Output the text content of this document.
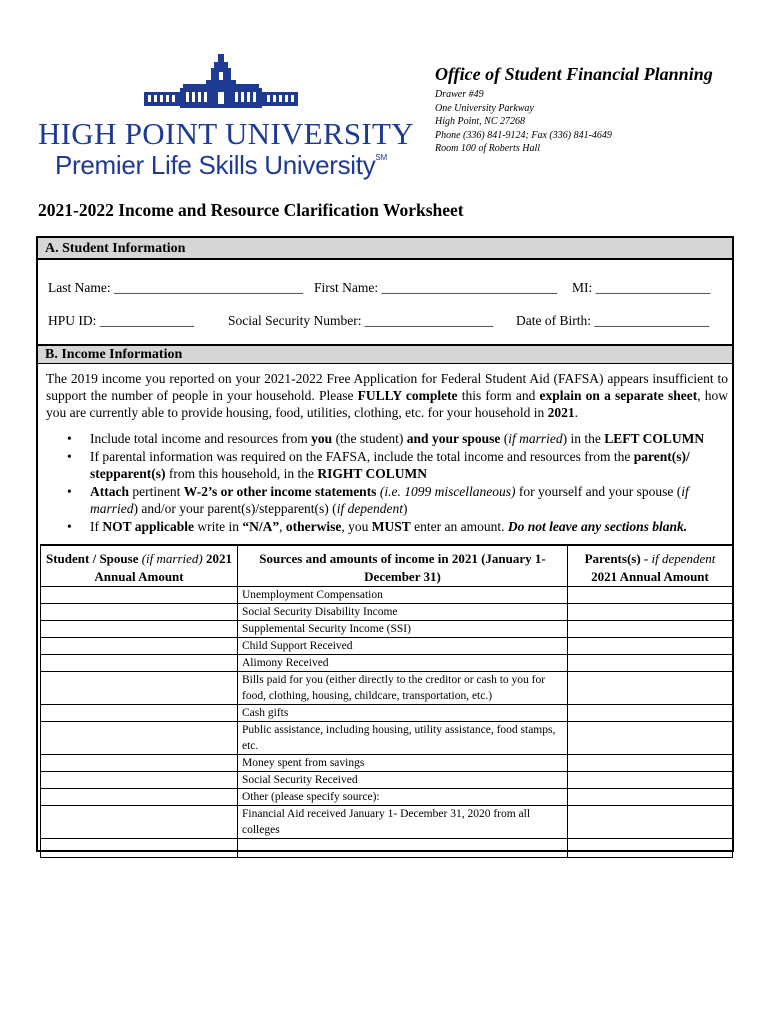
HIGH POINT UNIVERSITY
Premier Life Skills University℠
Office of Student Financial Planning
Drawer #49
One University Parkway
High Point, NC 27268
Phone (336) 841-9124; Fax (336) 841-4649
Room 100 of Roberts Hall
2021-2022 Income and Resource Clarification Worksheet
A. Student Information
Last Name: ____________________________ First Name: __________________________ MI: _________________
HPU ID: ______________ Social Security Number: ___________________ Date of Birth: _________________
B. Income Information
The 2019 income you reported on your 2021-2022 Free Application for Federal Student Aid (FAFSA) appears insufficient to support the number of people in your household. Please FULLY complete this form and explain on a separate sheet, how you are currently able to provide housing, food, utilities, clothing, etc. for your household in 2021.
• Include total income and resources from you (the student) and your spouse (if married) in the LEFT COLUMN
• If parental information was required on the FAFSA, include the total income and resources from the parent(s)/ stepparent(s) from this household, in the RIGHT COLUMN
• Attach pertinent W-2’s or other income statements (i.e. 1099 miscellaneous) for yourself and your spouse (if married) and/or your parent(s)/stepparent(s) (if dependent)
• If NOT applicable write in “N/A”, otherwise, you MUST enter an amount. Do not leave any sections blank.
Student / Spouse (if married) 2021 Annual Amount	Sources and amounts of income in 2021 (January 1-December 31)	Parents(s) - if dependent 2021 Annual Amount
	Unemployment Compensation	
	Social Security Disability Income	
	Supplemental Security Income (SSI)	
	Child Support Received	
	Alimony Received	
	Bills paid for you (either directly to the creditor or cash to you for food, clothing, housing, childcare, transportation, etc.)	
	Cash gifts	
	Public assistance, including housing, utility assistance, food stamps, etc.	
	Money spent from savings	
	Social Security Received	
	Other (please specify source):	
	Financial Aid received January 1- December 31, 2020 from all colleges	
